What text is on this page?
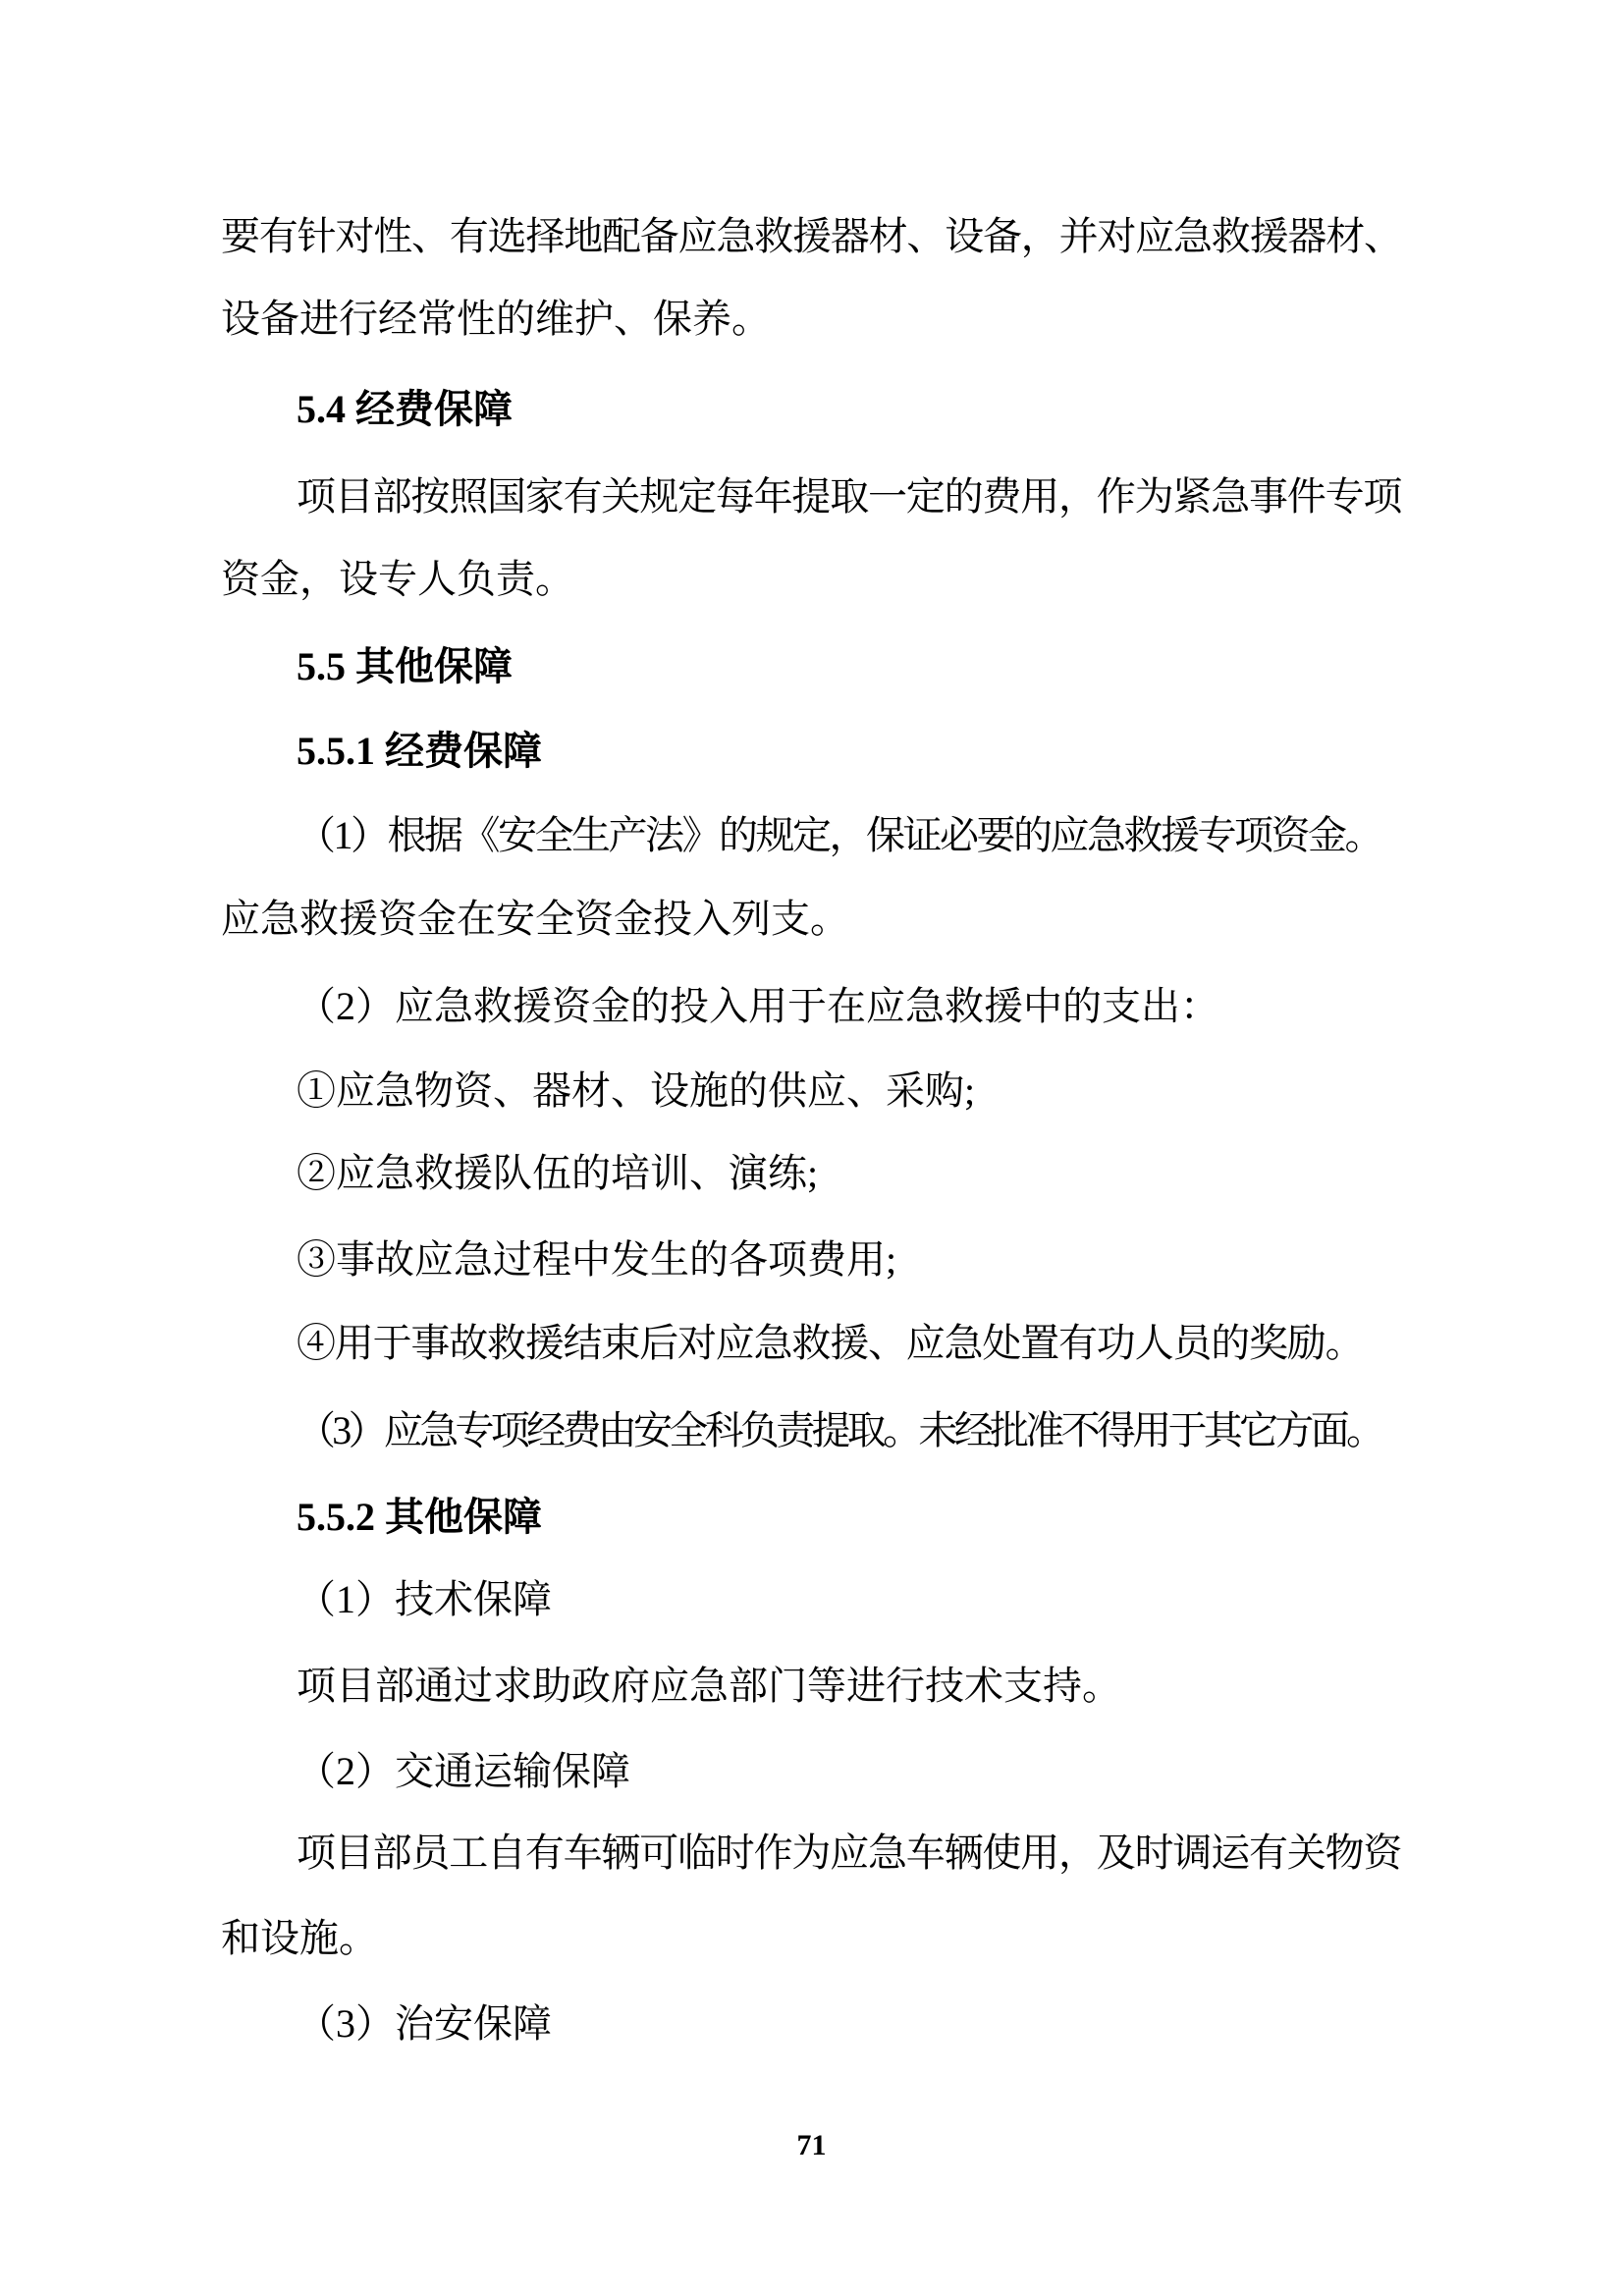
要有针对性、有选择地配备应急救援器材、设备，并对应急救援器材、
设备进行经常性的维护、保养。
5.4 经费保障
项目部按照国家有关规定每年提取一定的费用，作为紧急事件专项
资金，设专人负责。
5.5 其他保障
5.5.1 经费保障
（1）根据《安全生产法》的规定，保证必要的应急救援专项资金。
应急救援资金在安全资金投入列支。
（2）应急救援资金的投入用于在应急救援中的支出：
①应急物资、器材、设施的供应、采购;
②应急救援队伍的培训、演练;
③事故应急过程中发生的各项费用;
④用于事故救援结束后对应急救援、应急处置有功人员的奖励。
（3）应急专项经费由安全科负责提取。未经批准不得用于其它方面。
5.5.2 其他保障
（1）技术保障
项目部通过求助政府应急部门等进行技术支持。
（2）交通运输保障
项目部员工自有车辆可临时作为应急车辆使用，及时调运有关物资
和设施。
（3）治安保障
71
